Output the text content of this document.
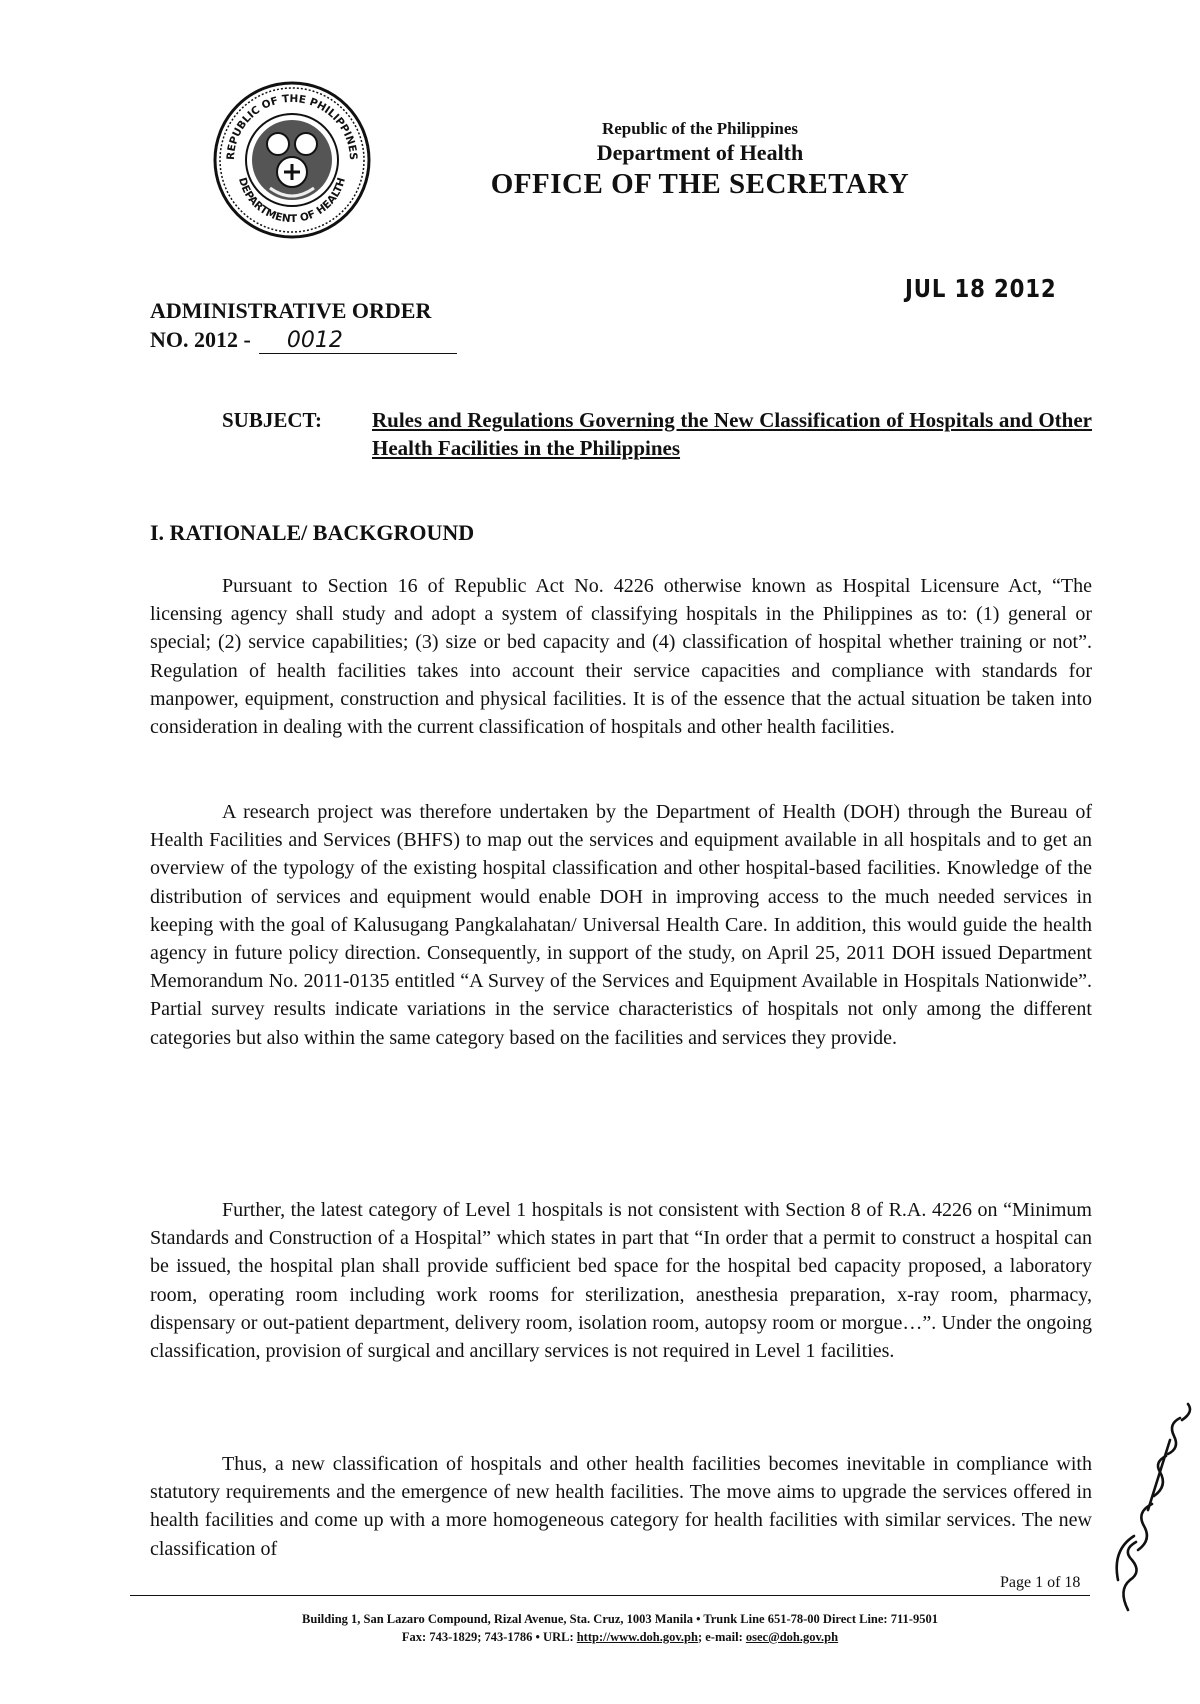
REPUBLIC OF THE PHILIPPINES
DEPARTMENT OF HEALTH
Republic of the Philippines
Department of Health
OFFICE OF THE SECRETARY
JUL 18 2012
ADMINISTRATIVE ORDER
NO. 2012 -	0012
SUBJECT:	Rules and Regulations Governing the New Classification of Hospitals and Other Health Facilities in the Philippines
I. RATIONALE/ BACKGROUND

Pursuant to Section 16 of Republic Act No. 4226 otherwise known as Hospital Licensure Act, “The licensing agency shall study and adopt a system of classifying hospitals in the Philippines as to: (1) general or special; (2) service capabilities; (3) size or bed capacity and (4) classification of hospital whether training or not”. Regulation of health facilities takes into account their service capacities and compliance with standards for manpower, equipment, construction and physical facilities. It is of the essence that the actual situation be taken into consideration in dealing with the current classification of hospitals and other health facilities.

A research project was therefore undertaken by the Department of Health (DOH) through the Bureau of Health Facilities and Services (BHFS) to map out the services and equipment available in all hospitals and to get an overview of the typology of the existing hospital classification and other hospital-based facilities. Knowledge of the distribution of services and equipment would enable DOH in improving access to the much needed services in keeping with the goal of Kalusugang Pangkalahatan/ Universal Health Care. In addition, this would guide the health agency in future policy direction. Consequently, in support of the study, on April 25, 2011 DOH issued Department Memorandum No. 2011-0135 entitled “A Survey of the Services and Equipment Available in Hospitals Nationwide”. Partial survey results indicate variations in the service characteristics of hospitals not only among the different categories but also within the same category based on the facilities and services they provide.

Further, the latest category of Level 1 hospitals is not consistent with Section 8 of R.A. 4226 on “Minimum Standards and Construction of a Hospital” which states in part that “In order that a permit to construct a hospital can be issued, the hospital plan shall provide sufficient bed space for the hospital bed capacity proposed, a laboratory room, operating room including work rooms for sterilization, anesthesia preparation, x-ray room, pharmacy, dispensary or out-patient department, delivery room, isolation room, autopsy room or morgue…”. Under the ongoing classification, provision of surgical and ancillary services is not required in Level 1 facilities.

Thus, a new classification of hospitals and other health facilities becomes inevitable in compliance with statutory requirements and the emergence of new health facilities. The move aims to upgrade the services offered in health facilities and come up with a more homogeneous category for health facilities with similar services. The new classification of

Page 1 of 18
Building 1, San Lazaro Compound, Rizal Avenue, Sta. Cruz, 1003 Manila • Trunk Line 651-78-00 Direct Line: 711-9501
Fax: 743-1829; 743-1786 • URL: http://www.doh.gov.ph; e-mail: osec@doh.gov.ph
